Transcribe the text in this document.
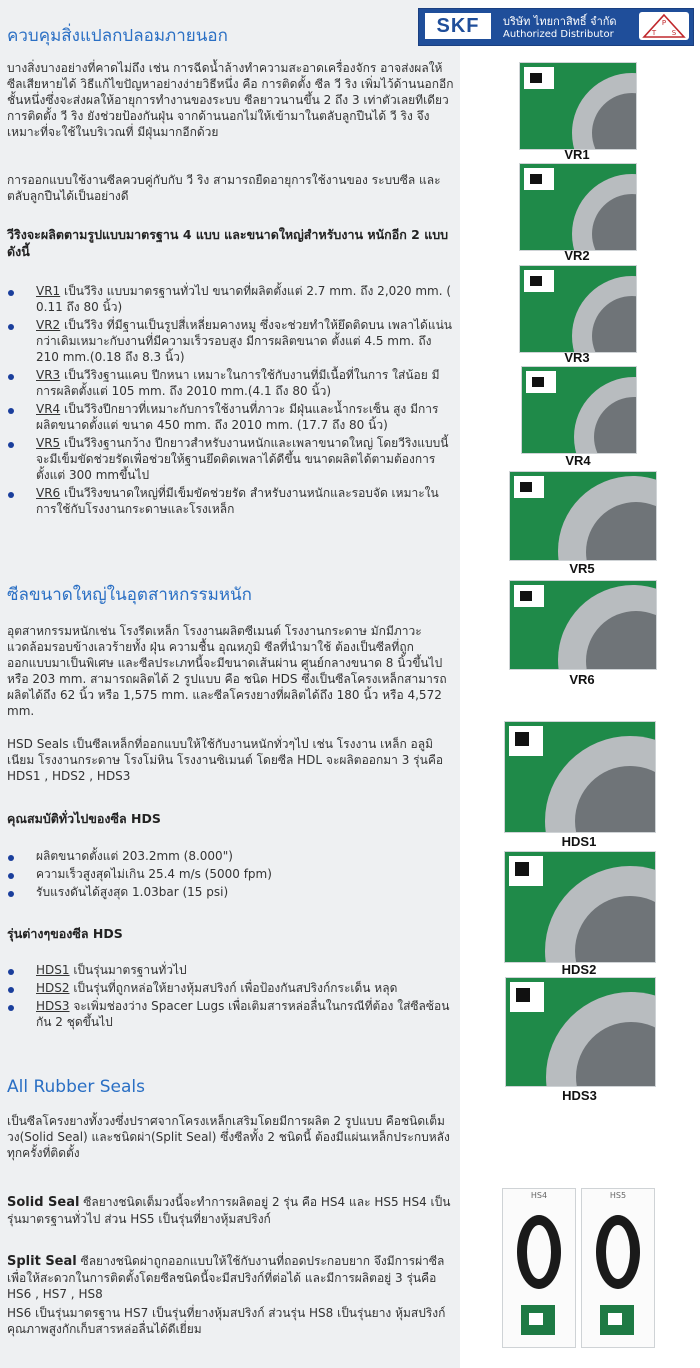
ควบคุมสิ่งแปลกปลอมภายนอก	SKF	บริษัท ไทยกาสิทธิ์ จำกัด
Authorized Distributor
P
T S
บางสิ่งบางอย่างที่คาดไม่ถึง เช่น การฉีดน้ำล้างทำความสะอาดเครื่องจักร อาจส่งผลให้ซีลเสียหายได้ วิธีแก้ไขปัญหาอย่างง่ายวิธีหนึ่ง คือ การติดตั้ง ซีล วี ริง เพิ่มไว้ด้านนอกอีกชั้นหนึ่งซึ่งจะส่งผลให้อายุการทำงานของระบบ ซีลยาวนานขึ้น 2 ถึง 3 เท่าตัวเลยทีเดียว การติดตั้ง วี ริง ยังช่วยป้องกันฝุ่น จากด้านนอกไม่ให้เข้ามาในตลับลูกปืนได้ วี ริง จึงเหมาะที่จะใช้ในบริเวณที่ มีฝุ่นมากอีกด้วย
การออกแบบใช้งานซีลควบคู่กับกับ วี ริง สามารถยืดอายุการใช้งานของ ระบบซีล และตลับลูกปืนได้เป็นอย่างดี
วีริงจะผลิตตามรูปแบบมาตรฐาน 4 แบบ และขนาดใหญ่สำหรับงาน หนักอีก 2 แบบดังนี้
VR1 เป็นวีริง แบบมาตรฐานทั่วไป ขนาดที่ผลิตตั้งแต่ 2.7 mm. ถึง 2,020 mm. ( 0.11 ถึง 80 นิ้ว)
VR2 เป็นวีริง ที่มีฐานเป็นรูปสี่เหลี่ยมคางหมู ซึ่งจะช่วยทำให้ยึดติดบน เพลาได้แน่นกว่าเดิมเหมาะกับงานที่มีความเร็วรอบสูง มีการผลิตขนาด ตั้งแต่ 4.5 mm. ถึง 210 mm.(0.18 ถึง 8.3 นิ้ว)
VR3 เป็นวีริงฐานแคบ ปีกหนา เหมาะในการใช้กับงานที่มีเนื้อที่ในการ ใส่น้อย มีการผลิตตั้งแต่ 105 mm. ถึง 2010 mm.(4.1 ถึง 80 นิ้ว)
VR4 เป็นวีริงปีกยาวที่เหมาะกับการใช้งานที่ภาวะ มีฝุ่นและน้ำกระเซ็น สูง มีการผลิตขนาดตั้งแต่ ขนาด 450 mm. ถึง 2010 mm. (17.7 ถึง 80 นิ้ว)
VR5 เป็นวีริงฐานกว้าง ปีกยาวสำหรับงานหนักและเพลาขนาดใหญ่ โดยวีริงแบบนี้จะมีเข็มขัดช่วยรัดเพื่อช่วยให้ฐานยึดติดเพลาได้ดีขึ้น ขนาดผลิตได้ตามต้องการตั้งแต่ 300 mmขึ้นไป
VR6 เป็นวีริงขนาดใหญ่ที่มีเข็มขัดช่วยรัด สำหรับงานหนักและรอบจัด เหมาะในการใช้กับโรงงานกระดาษและโรงเหล็ก
ซีลขนาดใหญ่ในอุตสาหกรรมหนัก
อุตสาหกรรมหนักเช่น โรงรีดเหล็ก โรงงานผลิตซีเมนต์ โรงงานกระดาษ มักมีภาวะแวดล้อมรอบข้างเลวร้ายทั้ง ฝุ่น ความชื้น อุณหภูมิ ซีลที่นำมาใช้ ต้องเป็นซีลที่ถูกออกแบบมาเป็นพิเศษ และซีลประเภทนี้จะมีขนาดเส้นผ่าน ศูนย์กลางขนาด 8 นิ้วขึ้นไป หรือ 203 mm. สามารถผลิตได้ 2 รูปแบบ คือ ชนิด HDS ซึ่งเป็นซีลโครงเหล็กสามารถผลิตได้ถึง 62 นิ้ว หรือ 1,575 mm. และซีลโครงยางที่ผลิตได้ถึง 180 นิ้ว หรือ 4,572 mm.
HSD Seals เป็นซีลเหล็กที่ออกแบบให้ใช้กับงานหนักทั่วๆไป เช่น โรงงาน เหล็ก อลูมิเนียม โรงงานกระดาษ โรงโม่หิน โรงงานซิเมนต์ โดยซีล HDL จะผลิตออกมา 3 รุ่นคือ HDS1 , HDS2 , HDS3
คุณสมบัติทั่วไปของซีล HDS
ผลิตขนาดตั้งแต่ 203.2mm (8.000")
ความเร็วสูงสุดไม่เกิน 25.4 m/s (5000 fpm)
รับแรงดันได้สูงสุด 1.03bar (15 psi)
รุ่นต่างๆของซีล HDS
HDS1 เป็นรุ่นมาตรฐานทั่วไป
HDS2 เป็นรุ่นที่ถูกหล่อให้ยางหุ้มสปริงก์ เพื่อป้องกันสปริงก์กระเด็น หลุด
HDS3 จะเพิ่มช่องว่าง Spacer Lugs เพื่อเติมสารหล่อลื่นในกรณีที่ต้อง ใส่ซีลซ้อนกัน 2 ชุดขึ้นไป
All Rubber Seals
เป็นซีลโครงยางทั้งวงซึ่งปราศจากโครงเหล็กเสริมโดยมีการผลิต 2 รูปแบบ คือชนิดเต็มวง(Solid Seal) และชนิดผ่า(Split Seal) ซึ่งซีลทั้ง 2 ชนิดนี้ ต้องมีแผ่นเหล็กประกบหลังทุกครั้งที่ติดตั้ง
Solid Seal ซีลยางชนิดเต็มวงนี้จะทำการผลิตอยู่ 2 รุ่น คือ HS4 และ HS5 HS4 เป็นรุ่นมาตรฐานทั่วไป ส่วน HS5 เป็นรุ่นที่ยางหุ้มสปริงก์
Split Seal ซีลยางชนิดผ่าถูกออกแบบให้ใช้กับงานที่ถอดประกอบยาก จึงมีการผ่าซีลเพื่อให้สะดวกในการติดตั้งโดยซีลชนิดนี้จะมีสปริงก์ที่ต่อได้ และมีการผลิตอยู่ 3 รุ่นคือ HS6 , HS7 , HS8
HS6 เป็นรุ่นมาตรฐาน HS7 เป็นรุ่นที่ยางหุ้มสปริงก์ ส่วนรุ่น HS8 เป็นรุ่นยาง หุ้มสปริงก์คุณภาพสูงกักเก็บสารหล่อลื่นได้ดีเยี่ยม
VR1
VR2
VR3
VR4
VR5
VR6
HDS1
HDS2
HDS3
HS4	HS5
